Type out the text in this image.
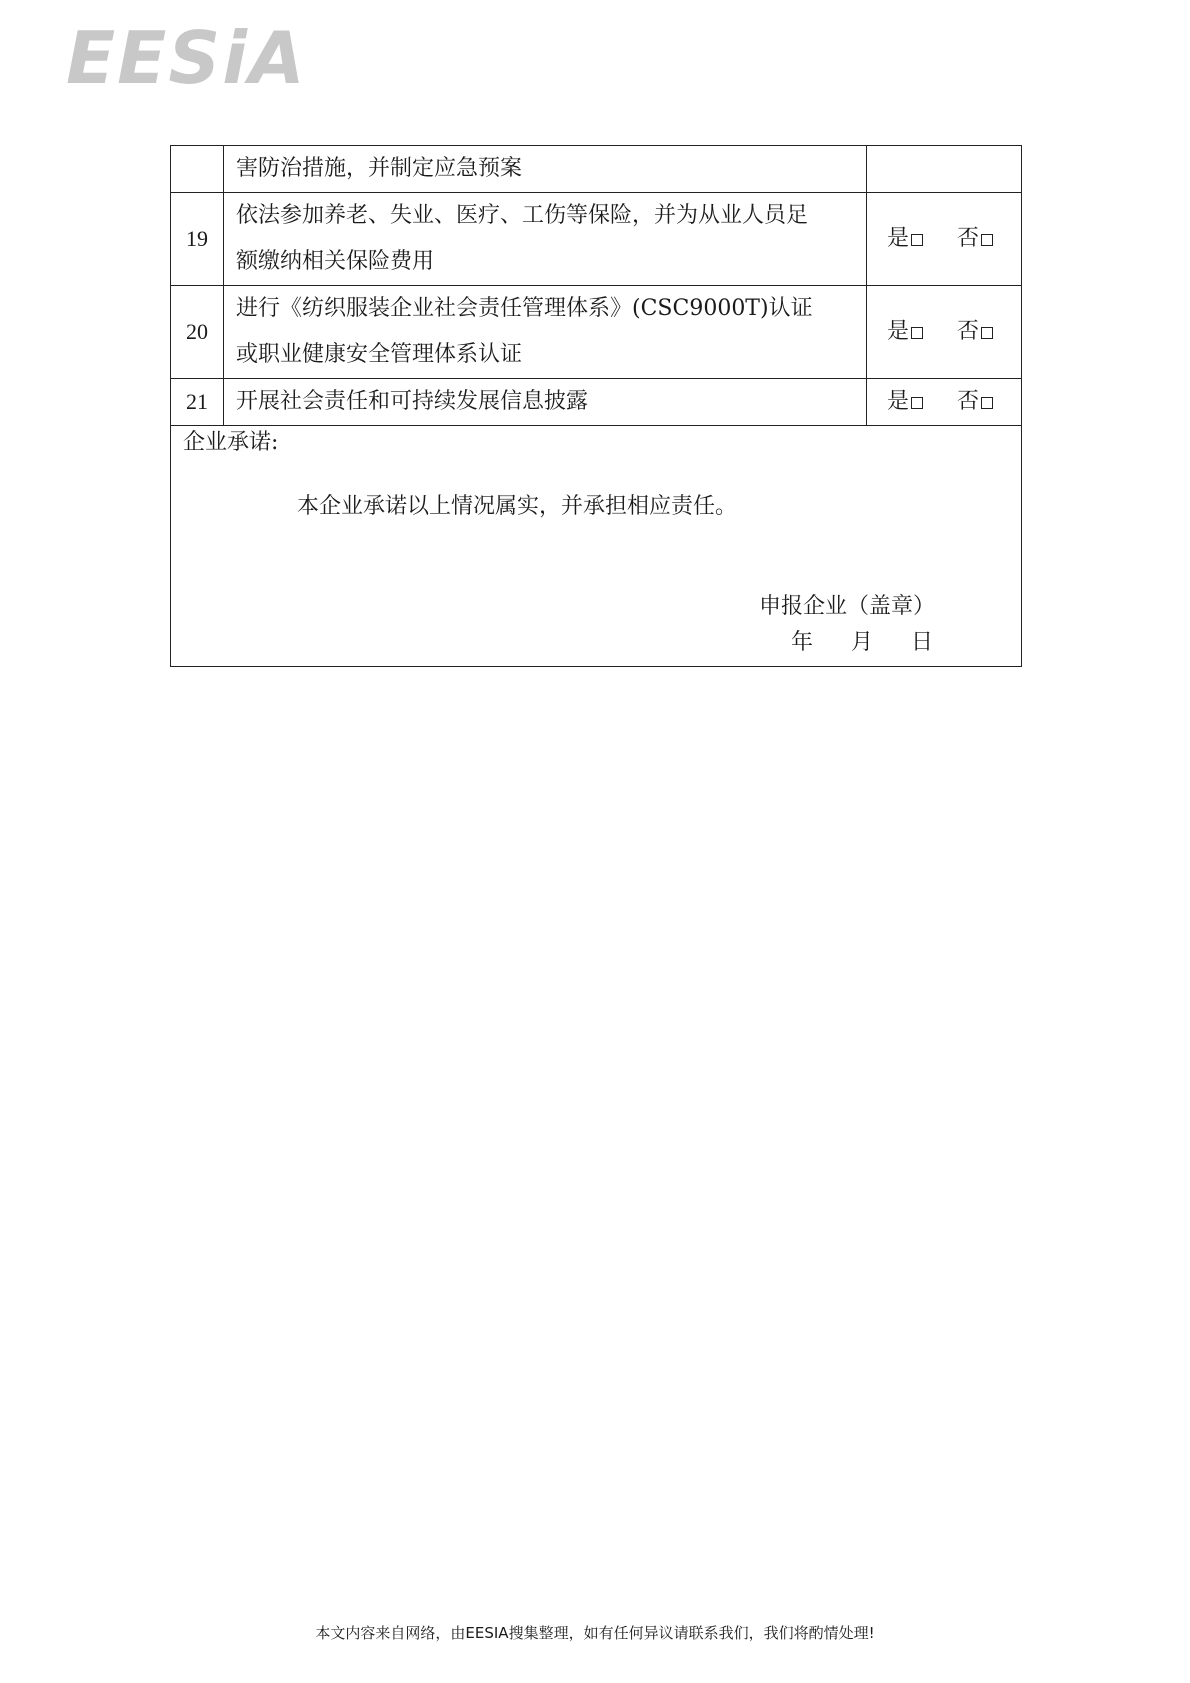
EESiA

	害防治措施，并制定应急预案	

19	依法参加养老、失业、医疗、工伤等保险，并为从业人员足
额缴纳相关保险费用	是 否
20	进行《纺织服装企业社会责任管理体系》(CSC9000T)认证
或职业健康安全管理体系认证	是 否
21	开展社会责任和可持续发展信息披露	是 否

企业承诺:
本企业承诺以上情况属实，并承担相应责任。
申报企业（盖章）
年 月 日		
本文内容来自网络，由EESIA搜集整理，如有任何异议请联系我们，我们将酌情处理!
